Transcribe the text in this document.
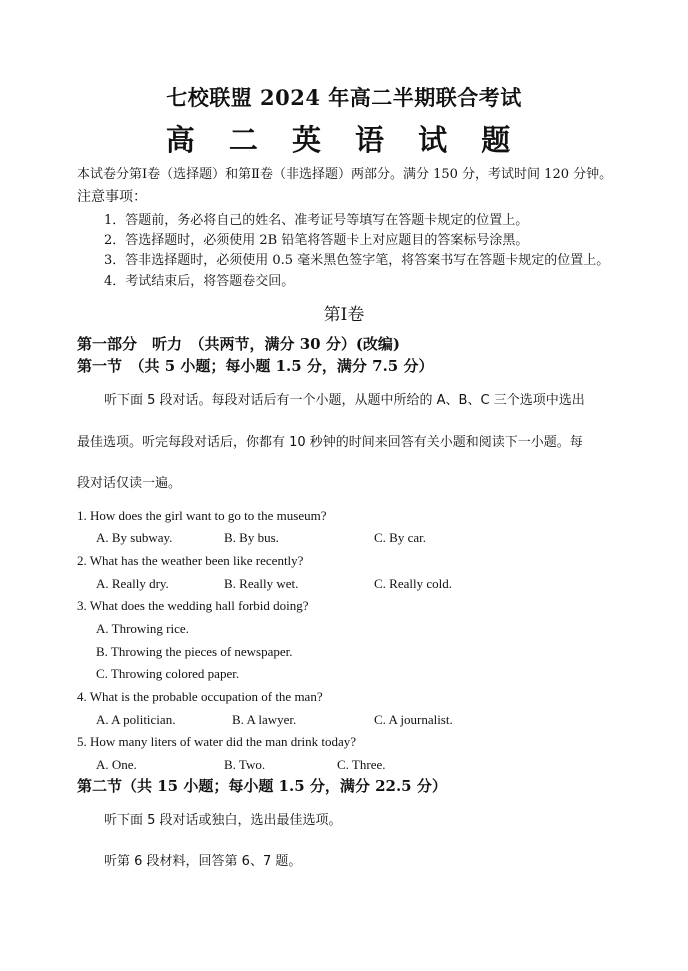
七校联盟 2024 年高二半期联合考试
高 二 英 语 试 题
本试卷分第Ⅰ卷（选择题）和第Ⅱ卷（非选择题）两部分。满分 150 分，考试时间 120 分钟。
注意事项：
1．答题前，务必将自己的姓名、准考证号等填写在答题卡规定的位置上。
2．答选择题时，必须使用 2B 铅笔将答题卡上对应题目的答案标号涂黑。
3．答非选择题时，必须使用 0.5 毫米黑色签字笔，将答案书写在答题卡规定的位置上。
4．考试结束后，将答题卷交回。
第Ⅰ卷
第一部分　听力　（共两节，满分 30 分）(改编)
第一节　（共 5 小题；每小题 1.5 分，满分 7.5 分）
听下面 5 段对话。每段对话后有一个小题，从题中所给的 A、B、C 三个选项中选出
最佳选项。听完每段对话后，你都有 10 秒钟的时间来回答有关小题和阅读下一小题。每
段对话仅读一遍。
1. How does the girl want to go to the museum?
A. By subway.	B. By bus.	C. By car.
2. What has the weather been like recently?
A. Really dry.	B. Really wet.	C. Really cold.
3. What does the wedding hall forbid doing?
A. Throwing rice.
B. Throwing the pieces of newspaper.
C. Throwing colored paper.
4. What is the probable occupation of the man?
A. A politician.	B. A lawyer.	C. A journalist.
5. How many liters of water did the man drink today?
A. One.	B. Two.	C. Three.
第二节（共 15 小题；每小题 1.5 分，满分 22.5 分）
听下面 5 段对话或独白，选出最佳选项。
听第 6 段材料，回答第 6、7 题。
